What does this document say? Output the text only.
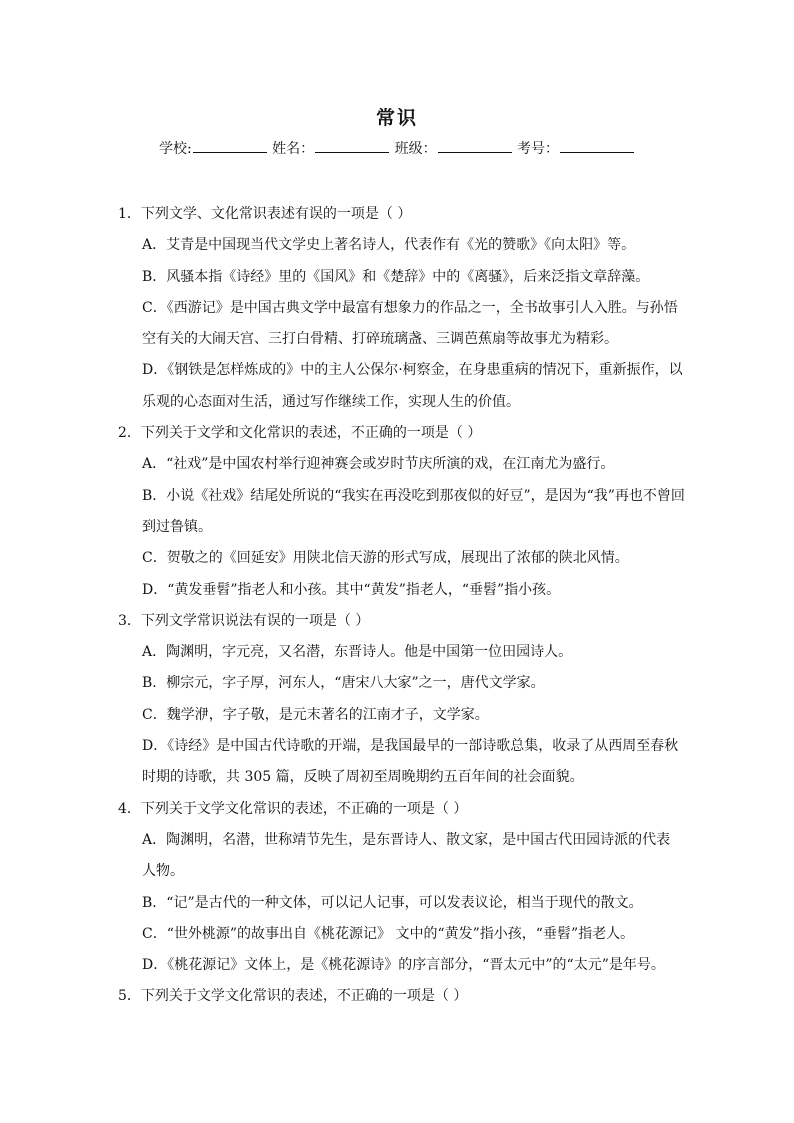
常识
学校:	姓名：	班级：	考号：
1．下列文学、文化常识表述有误的一项是（ ）
A．艾青是中国现当代文学史上著名诗人，代表作有《光的赞歌》《向太阳》等。
B．风骚本指《诗经》里的《国风》和《楚辞》中的《离骚》，后来泛指文章辞藻。
C．《西游记》是中国古典文学中最富有想象力的作品之一，全书故事引人入胜。与孙悟
空有关的大闹天宫、三打白骨精、打碎琉璃盏、三调芭蕉扇等故事尤为精彩。
D．《钢铁是怎样炼成的》中的主人公保尔·柯察金，在身患重病的情况下，重新振作，以
乐观的心态面对生活，通过写作继续工作，实现人生的价值。
2．下列关于文学和文化常识的表述，不正确的一项是（ ）
A．“社戏”是中国农村举行迎神赛会或岁时节庆所演的戏，在江南尤为盛行。
B．小说《社戏》结尾处所说的“我实在再没吃到那夜似的好豆”，是因为“我”再也不曾回
到过鲁镇。
C．贺敬之的《回延安》用陕北信天游的形式写成，展现出了浓郁的陕北风情。
D．“黄发垂髫”指老人和小孩。其中“黄发”指老人，“垂髫”指小孩。
3．下列文学常识说法有误的一项是（ ）
A．陶渊明，字元亮，又名潜，东晋诗人。他是中国第一位田园诗人。
B．柳宗元，字子厚，河东人，“唐宋八大家”之一，唐代文学家。
C．魏学洢，字子敬，是元末著名的江南才子，文学家。
D．《诗经》是中国古代诗歌的开端，是我国最早的一部诗歌总集，收录了从西周至春秋
时期的诗歌，共 305 篇，反映了周初至周晚期约五百年间的社会面貌。
4．下列关于文学文化常识的表述，不正确的一项是（ ）
A．陶渊明，名潜，世称靖节先生，是东晋诗人、散文家，是中国古代田园诗派的代表
人物。
B．“记”是古代的一种文体，可以记人记事，可以发表议论，相当于现代的散文。
C．“世外桃源”的故事出自《桃花源记》 文中的“黄发”指小孩，“垂髫”指老人。
D．《桃花源记》文体上，是《桃花源诗》的序言部分，“晋太元中”的“太元”是年号。
5．下列关于文学文化常识的表述，不正确的一项是（ ）
